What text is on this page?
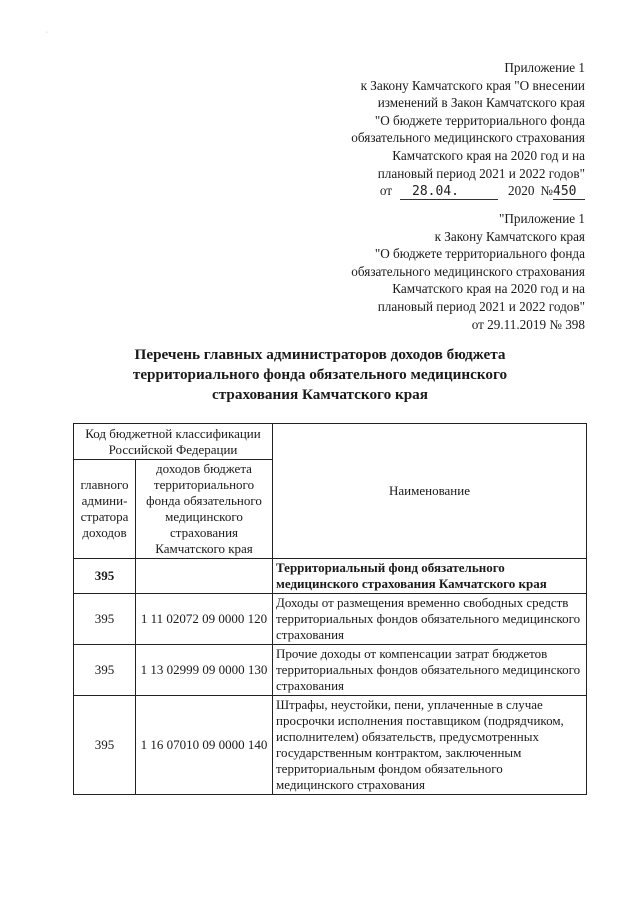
·
Приложение 1
к Закону Камчатского края "О внесении
изменений в Закон Камчатского края
"О бюджете территориального фонда
обязательного медицинского страхования
Камчатского края на 2020 год и на
плановый период 2021 и 2022 годов"
от	28.04.	2020 № 450
"Приложение 1
к Закону Камчатского края
"О бюджете территориального фонда
обязательного медицинского страхования
Камчатского края на 2020 год и на
плановый период 2021 и 2022 годов"
от 29.11.2019 № 398
Перечень главных администраторов доходов бюджета
территориального фонда обязательного медицинского
страхования Камчатского края
Код бюджетной классификации Российской Федерации		Наименование
главного админи-стратора доходов	доходов бюджета территориального фонда обязательного медицинского страхования Камчатского края	
395		Территориальный фонд обязательного медицинского страхования Камчатского края
395	1 11 02072 09 0000 120	Доходы от размещения временно свободных средств территориальных фондов обязательного медицинского страхования
395	1 13 02999 09 0000 130	Прочие доходы от компенсации затрат бюджетов территориальных фондов обязательного медицинского страхования
395	1 16 07010 09 0000 140	Штрафы, неустойки, пени, уплаченные в случае просрочки исполнения поставщиком (подрядчиком, исполнителем) обязательств, предусмотренных государственным контрактом, заключенным территориальным фондом обязательного медицинского страхования
